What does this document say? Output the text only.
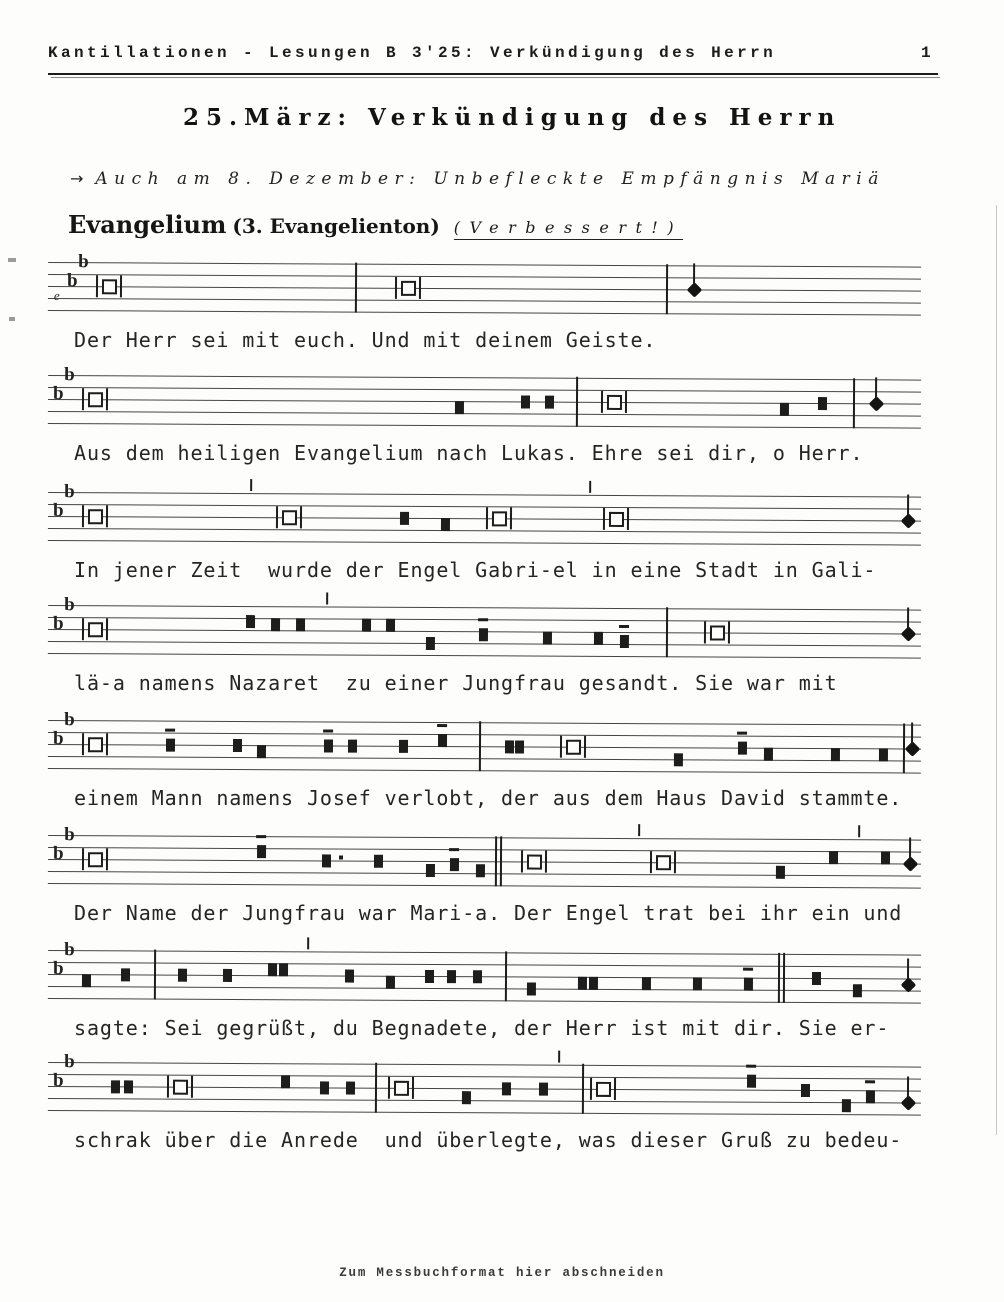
Kantillationen - Lesungen B 3'25: Verkündigung des Herrn	1
25.März: Verkündigung des Herrn

→ Auch am 8. Dezember: Unbefleckte Empfängnis Mariä

Evangelium (3. Evangelienton) (Verbessert!)

b
b
e
Der Herr sei mit euch. Und mit deinem Geiste.
b
b
Aus dem heiligen Evangelium nach Lukas. Ehre sei dir, o Herr.
b
b
In jener Zeit  wurde der Engel Gabri-el in eine Stadt in Gali-
b
b
lä-a namens Nazaret  zu einer Jungfrau gesandt. Sie war mit
b
b
einem Mann namens Josef verlobt, der aus dem Haus David stammte.
b
b
Der Name der Jungfrau war Mari-a. Der Engel trat bei ihr ein und
b
b
sagte: Sei gegrüßt, du Begnadete, der Herr ist mit dir. Sie er-
b
b
schrak über die Anrede  und überlegte, was dieser Gruß zu bedeu-
Zum Messbuchformat hier abschneiden
